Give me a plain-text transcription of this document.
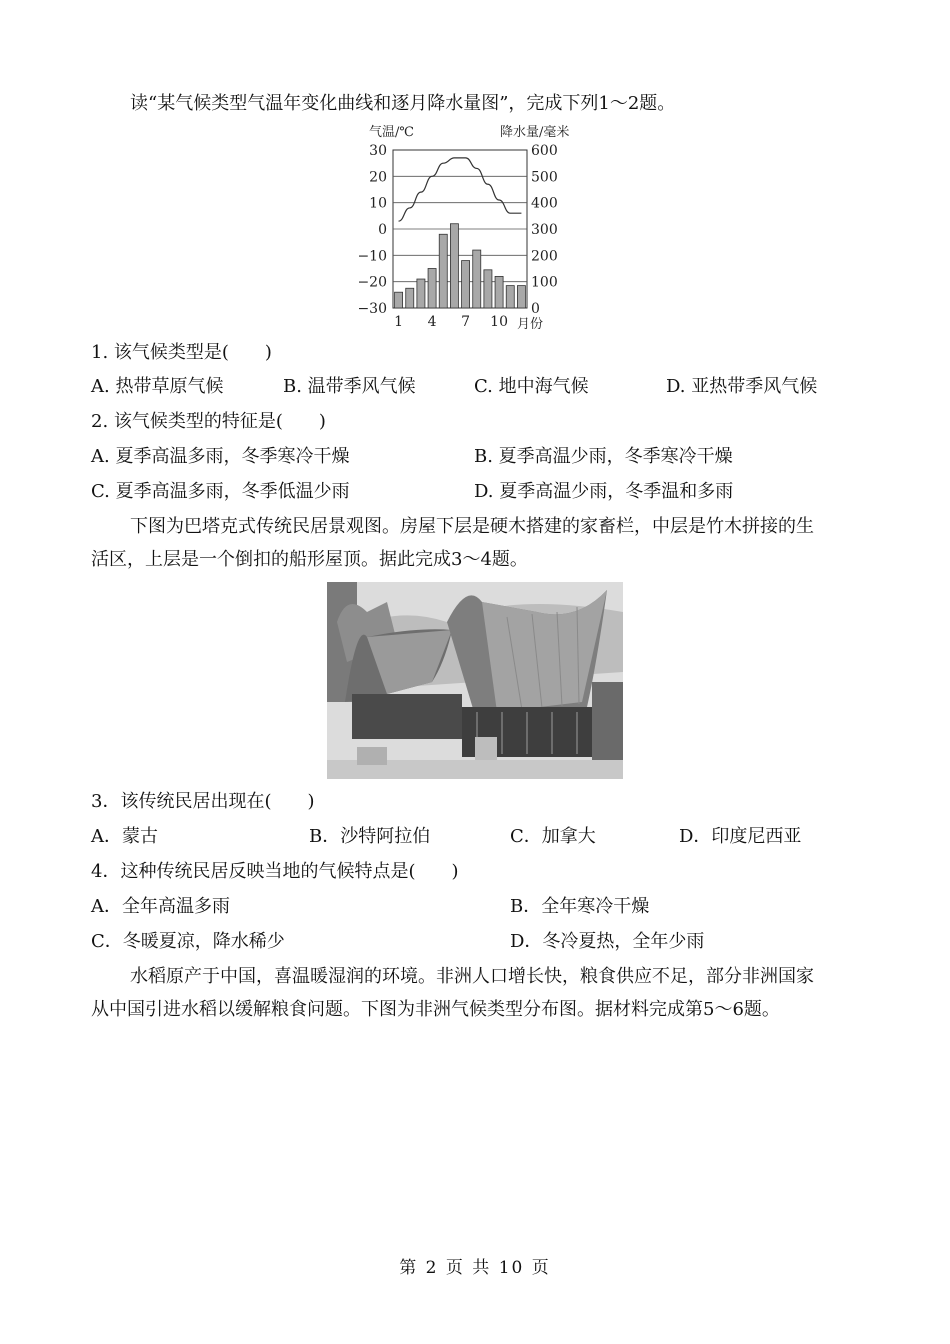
读“某气候类型气温年变化曲线和逐月降水量图”，完成下列1～2题。
气温/℃	降水量/毫米
30
20
10
0
−10
−20
−30
600
500
400
300
200
100
0
1 4 7 10 月份
1. 该气候类型是(　　)
A. 热带草原气候	B. 温带季风气候	C. 地中海气候	D. 亚热带季风气候
2. 该气候类型的特征是(　　)
A. 夏季高温多雨，冬季寒冷干燥	B. 夏季高温少雨，冬季寒冷干燥
C. 夏季高温多雨，冬季低温少雨	D. 夏季高温少雨，冬季温和多雨
下图为巴塔克式传统民居景观图。房屋下层是硬木搭建的家畜栏，中层是竹木拼接的生
活区，上层是一个倒扣的船形屋顶。据此完成3～4题。
3．该传统民居出现在(　　)
A．蒙古	B．沙特阿拉伯	C．加拿大	D．印度尼西亚
4．这种传统民居反映当地的气候特点是(　　)
A．全年高温多雨	B．全年寒冷干燥
C．冬暖夏凉，降水稀少	D．冬冷夏热，全年少雨
水稻原产于中国，喜温暖湿润的环境。非洲人口增长快，粮食供应不足，部分非洲国家
从中国引进水稻以缓解粮食问题。下图为非洲气候类型分布图。据材料完成第5～6题。
第 2 页 共 10 页
